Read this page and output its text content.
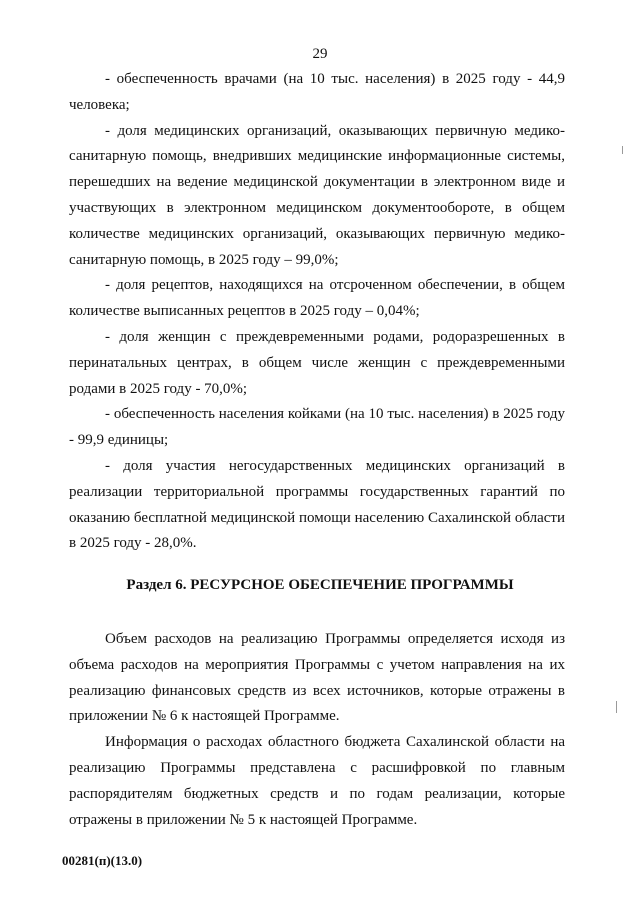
29

- обеспеченность врачами (на 10 тыс. населения) в 2025 году - 44,9 человека;

- доля медицинских организаций, оказывающих первичную медико-санитарную помощь, внедривших медицинские информационные системы, перешедших на ведение медицинской документации в электронном виде и участвующих в электронном медицинском документообороте, в общем количестве медицинских организаций, оказывающих первичную медико-санитарную помощь, в 2025 году – 99,0%;

- доля рецептов, находящихся на отсроченном обеспечении, в общем количестве выписанных рецептов в 2025 году – 0,04%;

- доля женщин с преждевременными родами, родоразрешенных в перинатальных центрах, в общем числе женщин с преждевременными родами в 2025 году - 70,0%;

- обеспеченность населения койками (на 10 тыс. населения) в 2025 году - 99,9 единицы;

- доля участия негосударственных медицинских организаций в реализации территориальной программы государственных гарантий по оказанию бесплатной медицинской помощи населению Сахалинской области в 2025 году - 28,0%.

Раздел 6. РЕСУРСНОЕ ОБЕСПЕЧЕНИЕ ПРОГРАММЫ

Объем расходов на реализацию Программы определяется исходя из объема расходов на мероприятия Программы с учетом направления на их реализацию финансовых средств из всех источников, которые отражены в приложении № 6 к настоящей Программе.

Информация о расходах областного бюджета Сахалинской области на реализацию Программы представлена с расшифровкой по главным распорядителям бюджетных средств и по годам реализации, которые отражены в приложении № 5 к настоящей Программе.

00281(п)(13.0)
